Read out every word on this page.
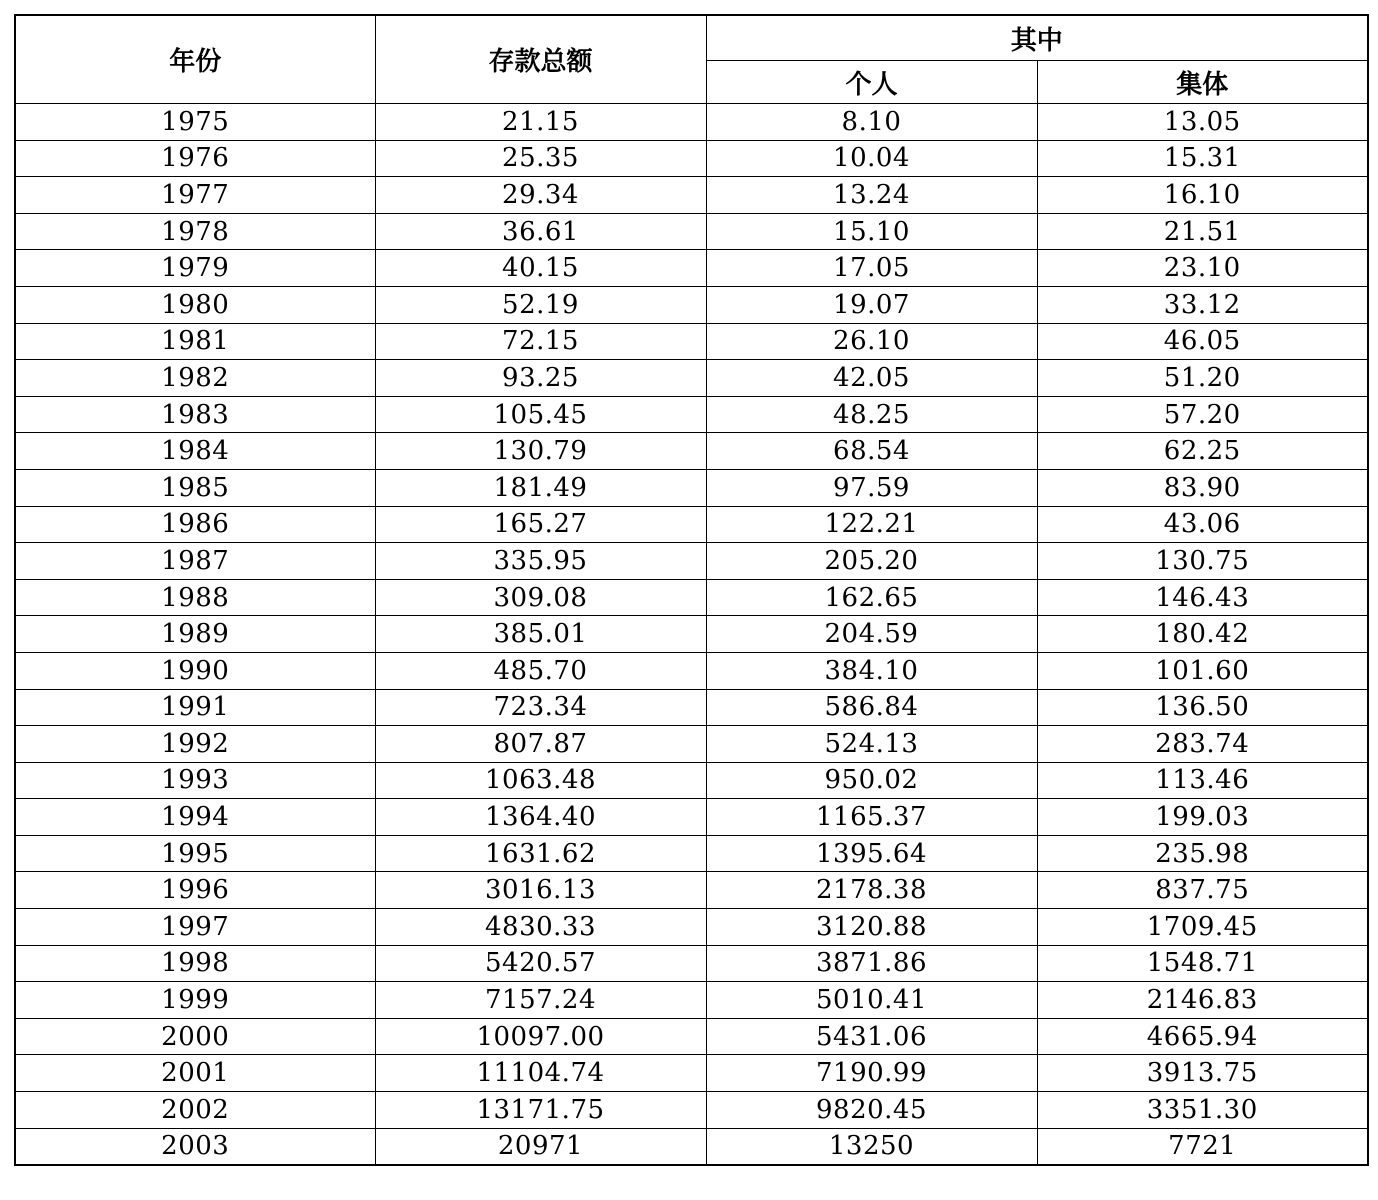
年份	存款总额	其中	
		个人	集体
1975	21.15	8.10	13.05
1976	25.35	10.04	15.31
1977	29.34	13.24	16.10
1978	36.61	15.10	21.51
1979	40.15	17.05	23.10
1980	52.19	19.07	33.12
1981	72.15	26.10	46.05
1982	93.25	42.05	51.20
1983	105.45	48.25	57.20
1984	130.79	68.54	62.25
1985	181.49	97.59	83.90
1986	165.27	122.21	43.06
1987	335.95	205.20	130.75
1988	309.08	162.65	146.43
1989	385.01	204.59	180.42
1990	485.70	384.10	101.60
1991	723.34	586.84	136.50
1992	807.87	524.13	283.74
1993	1063.48	950.02	113.46
1994	1364.40	1165.37	199.03
1995	1631.62	1395.64	235.98
1996	3016.13	2178.38	837.75
1997	4830.33	3120.88	1709.45
1998	5420.57	3871.86	1548.71
1999	7157.24	5010.41	2146.83
2000	10097.00	5431.06	4665.94
2001	11104.74	7190.99	3913.75
2002	13171.75	9820.45	3351.30
2003	20971	13250	7721
